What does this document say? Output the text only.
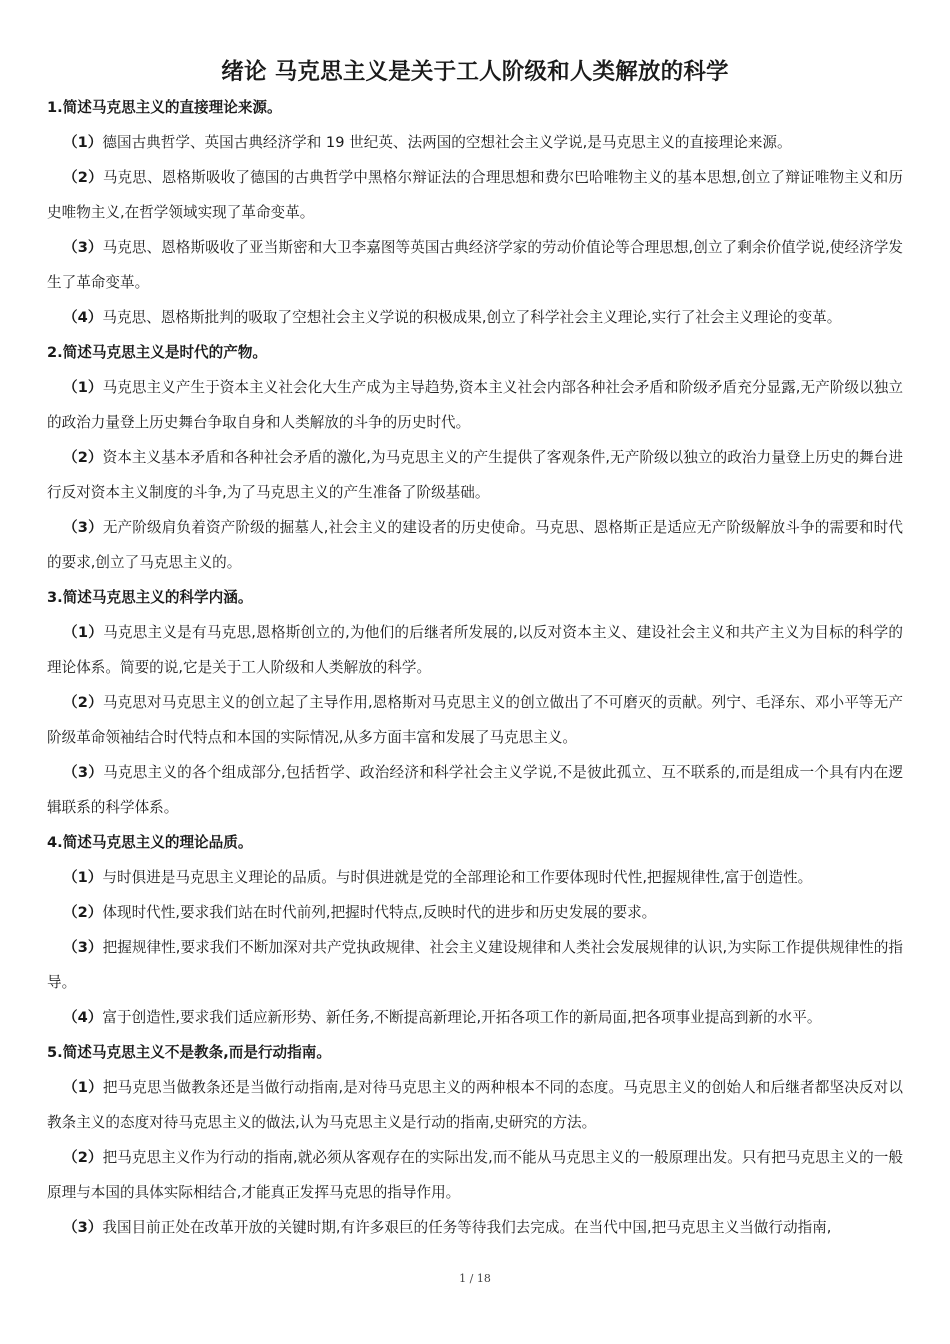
绪论 马克思主义是关于工人阶级和人类解放的科学

1.简述马克思主义的直接理论来源。

（1）德国古典哲学、英国古典经济学和 19 世纪英、法两国的空想社会主义学说,是马克思主义的直接理论来源。

（2）马克思、恩格斯吸收了德国的古典哲学中黑格尔辩证法的合理思想和费尔巴哈唯物主义的基本思想,创立了辩证唯物主义和历史唯物主义,在哲学领域实现了革命变革。

（3）马克思、恩格斯吸收了亚当斯密和大卫李嘉图等英国古典经济学家的劳动价值论等合理思想,创立了剩余价值学说,使经济学发生了革命变革。

（4）马克思、恩格斯批判的吸取了空想社会主义学说的积极成果,创立了科学社会主义理论,实行了社会主义理论的变革。

2.简述马克思主义是时代的产物。

（1）马克思主义产生于资本主义社会化大生产成为主导趋势,资本主义社会内部各种社会矛盾和阶级矛盾充分显露,无产阶级以独立的政治力量登上历史舞台争取自身和人类解放的斗争的历史时代。

（2）资本主义基本矛盾和各种社会矛盾的激化,为马克思主义的产生提供了客观条件,无产阶级以独立的政治力量登上历史的舞台进行反对资本主义制度的斗争,为了马克思主义的产生准备了阶级基础。

（3）无产阶级肩负着资产阶级的掘墓人,社会主义的建设者的历史使命。马克思、恩格斯正是适应无产阶级解放斗争的需要和时代的要求,创立了马克思主义的。

3.简述马克思主义的科学内涵。

（1）马克思主义是有马克思,恩格斯创立的,为他们的后继者所发展的,以反对资本主义、建设社会主义和共产主义为目标的科学的理论体系。简要的说,它是关于工人阶级和人类解放的科学。

（2）马克思对马克思主义的创立起了主导作用,恩格斯对马克思主义的创立做出了不可磨灭的贡献。列宁、毛泽东、邓小平等无产阶级革命领袖结合时代特点和本国的实际情况,从多方面丰富和发展了马克思主义。

（3）马克思主义的各个组成部分,包括哲学、政治经济和科学社会主义学说,不是彼此孤立、互不联系的,而是组成一个具有内在逻辑联系的科学体系。

4.简述马克思主义的理论品质。

（1）与时俱进是马克思主义理论的品质。与时俱进就是党的全部理论和工作要体现时代性,把握规律性,富于创造性。

（2）体现时代性,要求我们站在时代前列,把握时代特点,反映时代的进步和历史发展的要求。

（3）把握规律性,要求我们不断加深对共产党执政规律、社会主义建设规律和人类社会发展规律的认识,为实际工作提供规律性的指导。

（4）富于创造性,要求我们适应新形势、新任务,不断提高新理论,开拓各项工作的新局面,把各项事业提高到新的水平。

5.简述马克思主义不是教条,而是行动指南。

（1）把马克思当做教条还是当做行动指南,是对待马克思主义的两种根本不同的态度。马克思主义的创始人和后继者都坚决反对以教条主义的态度对待马克思主义的做法,认为马克思主义是行动的指南,史研究的方法。

（2）把马克思主义作为行动的指南,就必须从客观存在的实际出发,而不能从马克思主义的一般原理出发。只有把马克思主义的一般原理与本国的具体实际相结合,才能真正发挥马克思的指导作用。

（3）我国目前正处在改革开放的关键时期,有许多艰巨的任务等待我们去完成。在当代中国,把马克思主义当做行动指南,

1 / 18
